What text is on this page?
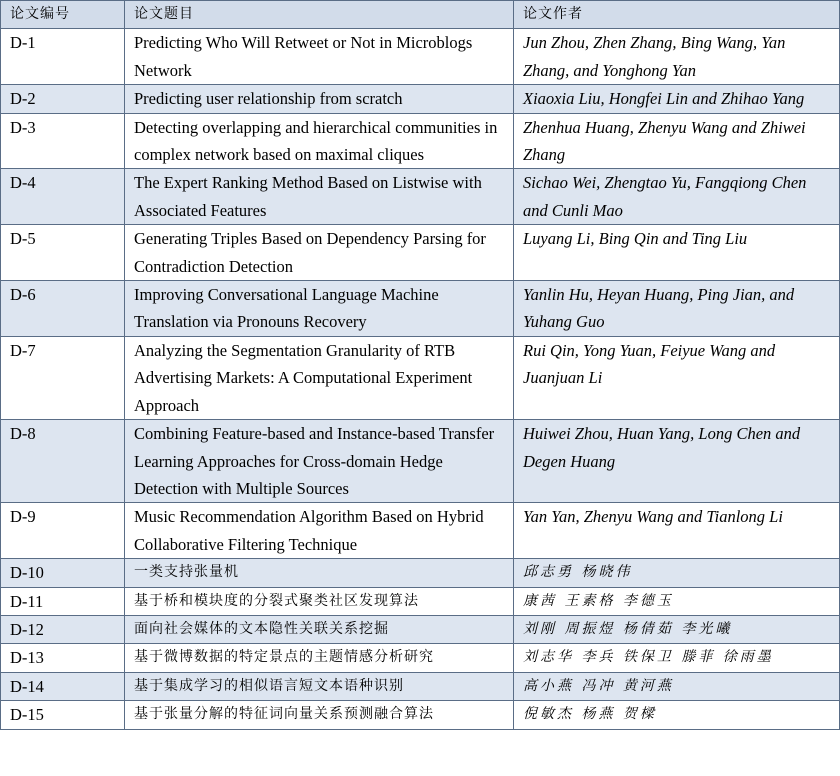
论文编号	论文题目	论文作者
D-1	Predicting Who Will Retweet or Not in Microblogs Network	Jun Zhou, Zhen Zhang, Bing Wang, Yan Zhang, and Yonghong Yan
D-2	Predicting user relationship from scratch	Xiaoxia Liu, Hongfei Lin and Zhihao Yang
D-3	Detecting overlapping and hierarchical communities in complex network based on maximal cliques	Zhenhua Huang, Zhenyu Wang and Zhiwei Zhang
D-4	The Expert Ranking Method Based on Listwise with Associated Features	Sichao Wei, Zhengtao Yu, Fangqiong Chen and Cunli Mao
D-5	Generating Triples Based on Dependency Parsing for Contradiction Detection	Luyang Li, Bing Qin and Ting Liu
D-6	Improving Conversational Language Machine Translation via Pronouns Recovery	Yanlin Hu, Heyan Huang, Ping Jian, and Yuhang Guo
D-7	Analyzing the Segmentation Granularity of RTB Advertising Markets: A Computational Experiment Approach	Rui Qin, Yong Yuan, Feiyue Wang and Juanjuan Li
D-8	Combining Feature-based and Instance-based Transfer Learning Approaches for Cross-domain Hedge Detection with Multiple Sources	Huiwei Zhou, Huan Yang, Long Chen and Degen Huang
D-9	Music Recommendation Algorithm Based on Hybrid Collaborative Filtering Technique	Yan Yan, Zhenyu Wang and Tianlong Li
D-10	一类支持张量机	邱志勇 杨晓伟
D-11	基于桥和模块度的分裂式聚类社区发现算法	康茜 王素格 李德玉
D-12	面向社会媒体的文本隐性关联关系挖掘	刘刚 周振煜 杨倩茹 李光曦
D-13	基于微博数据的特定景点的主题情感分析研究	刘志华 李兵 铁保卫 滕菲 徐雨墨
D-14	基于集成学习的相似语言短文本语种识别	高小燕 冯冲 黄河燕
D-15	基于张量分解的特征词向量关系预测融合算法	倪敏杰 杨燕 贺樑
